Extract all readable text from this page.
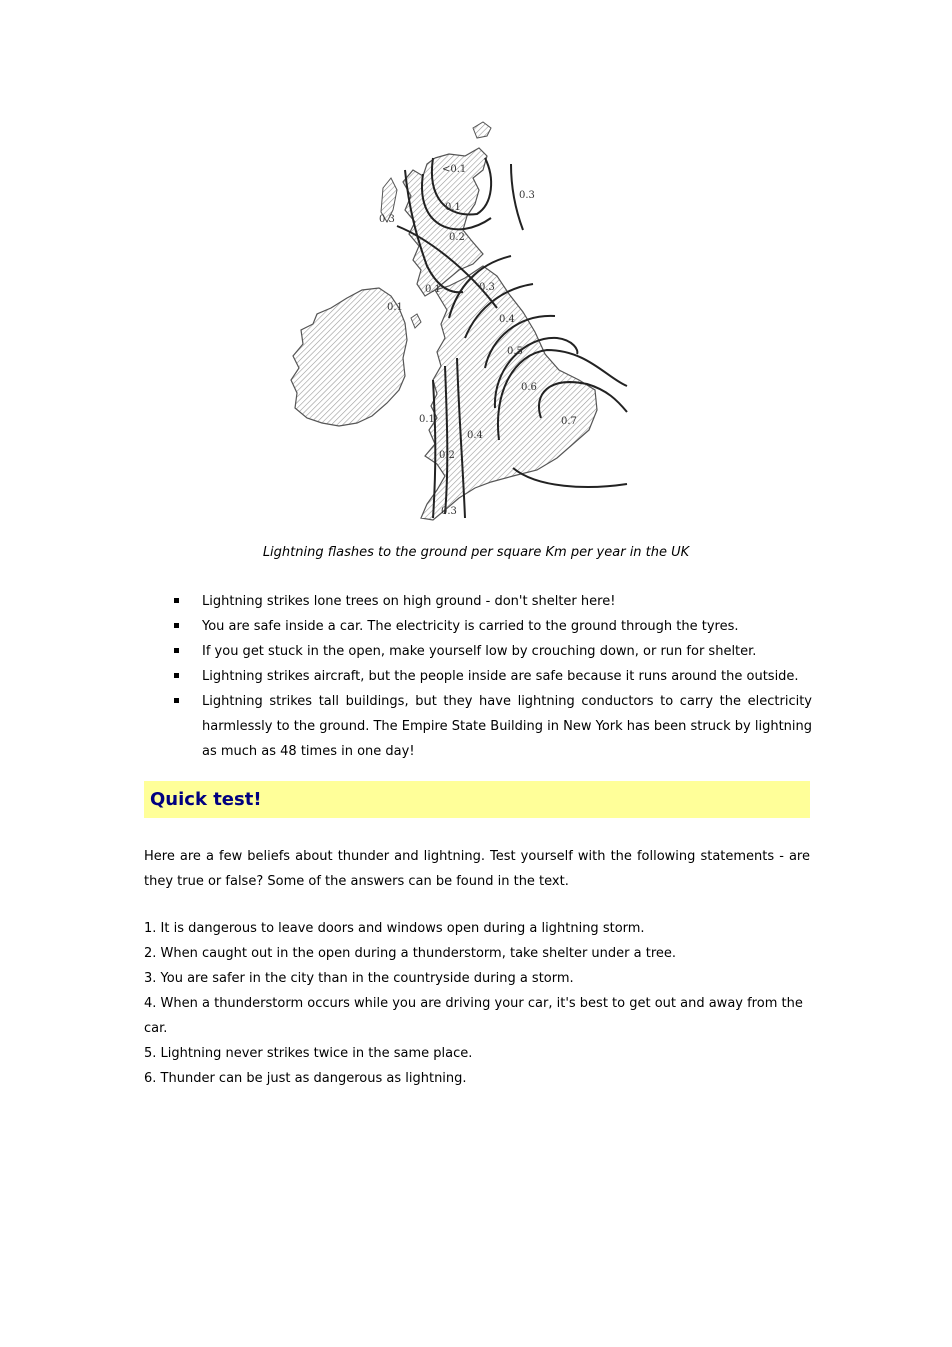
<0.1
0.1
0.3
0.2
0.3
0.3
0.1
0.1
0.4
0.5
0.6
0.7
0.1
0.4
0.2
0.3
Lightning flashes to the ground per square Km per year in the UK
Lightning strikes lone trees on high ground - don't shelter here!
You are safe inside a car. The electricity is carried to the ground through the tyres.
If you get stuck in the open, make yourself low by crouching down, or run for shelter.
Lightning strikes aircraft, but the people inside are safe because it runs around the outside.
Lightning strikes tall buildings, but they have lightning conductors to carry the electricity harmlessly to the ground. The Empire State Building in New York has been struck by lightning as much as 48 times in one day!
Quick test!

Here are a few beliefs about thunder and lightning. Test yourself with the following statements - are they true or false? Some of the answers can be found in the text.

1. It is dangerous to leave doors and windows open during a lightning storm.
2. When caught out in the open during a thunderstorm, take shelter under a tree.
3. You are safer in the city than in the countryside during a storm.
4. When a thunderstorm occurs while you are driving your car, it's best to get out and away from the car.
5. Lightning never strikes twice in the same place.
6. Thunder can be just as dangerous as lightning.
